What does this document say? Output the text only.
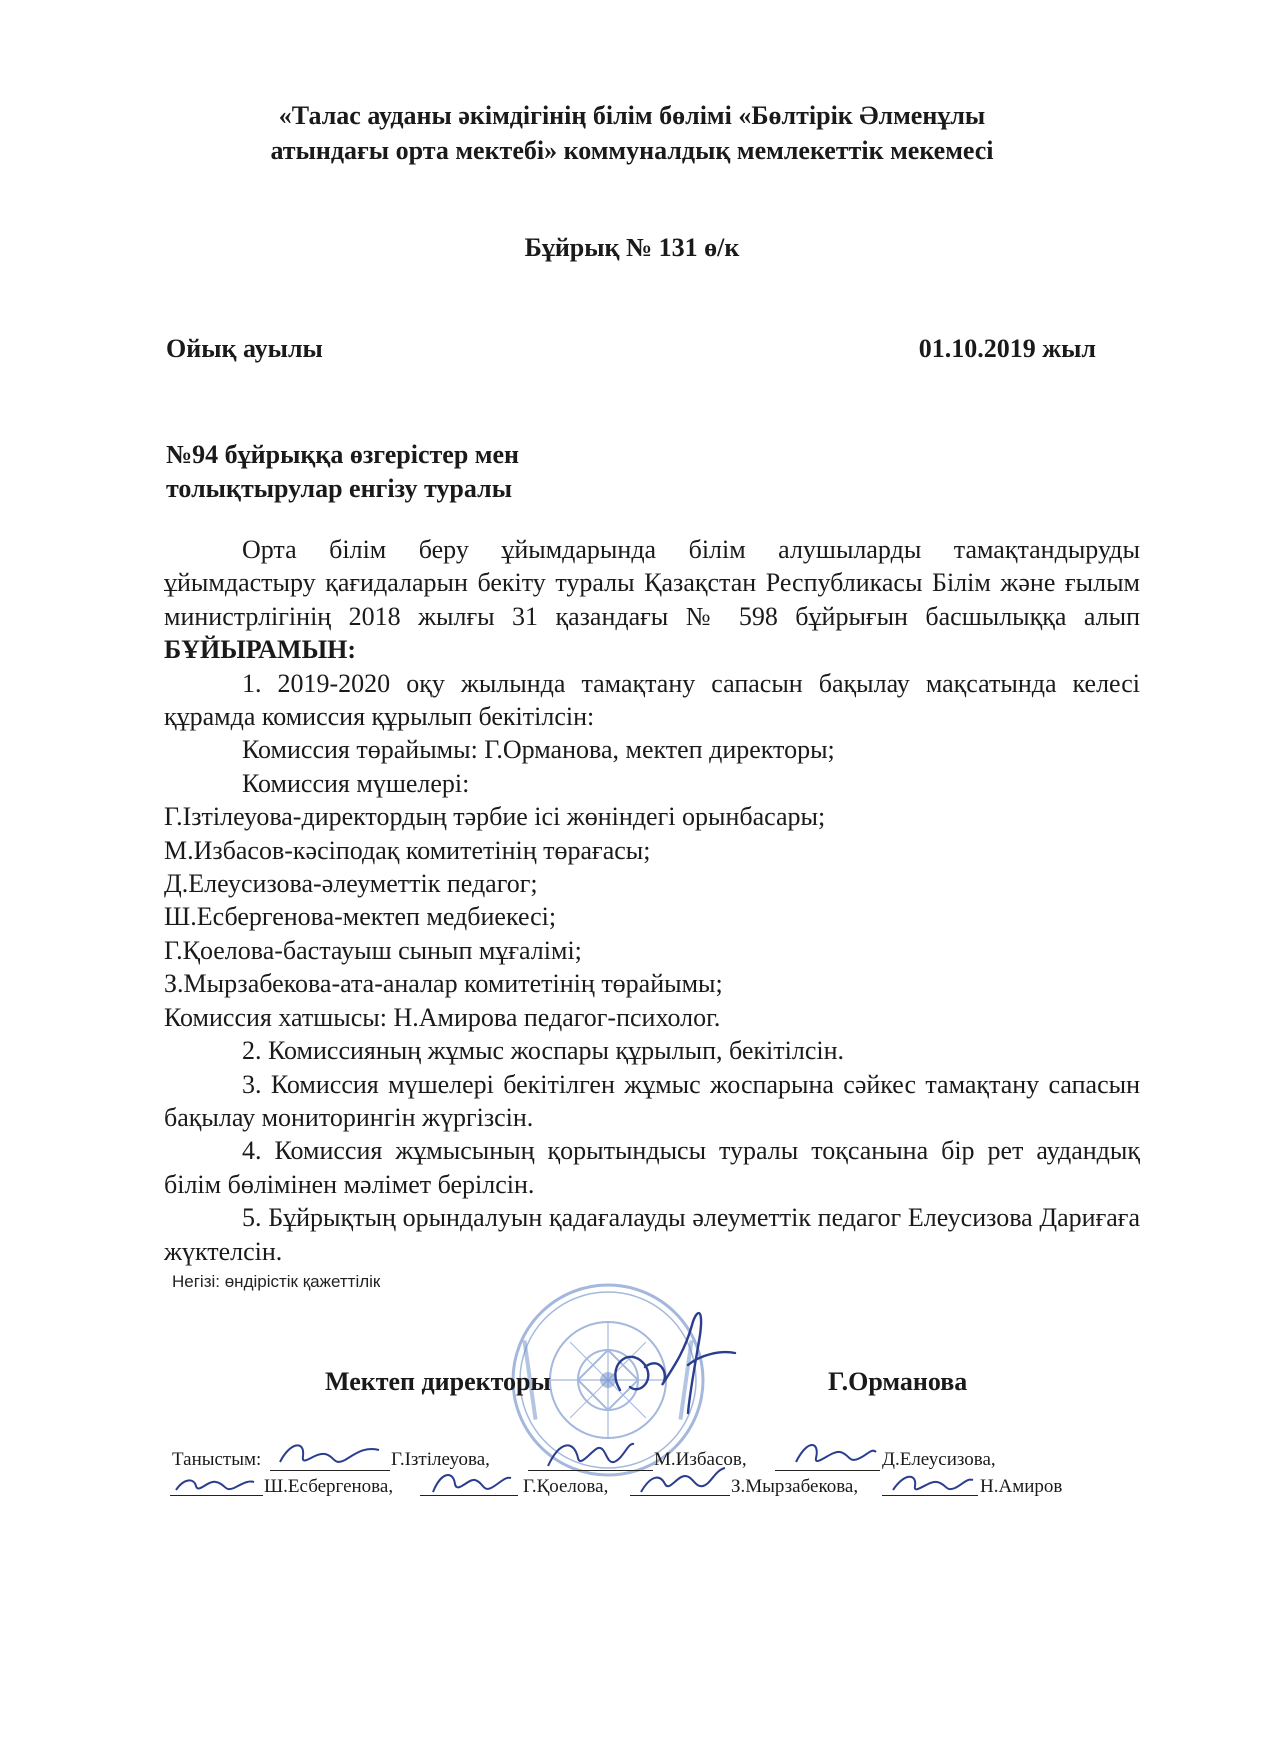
«Талас ауданы әкімдігінің білім бөлімі «Бөлтірік Әлменұлы
атындағы орта мектебі» коммуналдық мемлекеттік мекемесі
Бұйрық № 131 ө/к
Ойық ауылы	01.10.2019 жыл
№94 бұйрыққа өзгерістер мен
толықтырулар енгізу туралы

Орта білім беру ұйымдарында білім алушыларды тамақтандыруды ұйымдастыру қағидаларын бекіту туралы Қазақстан Республикасы Білім және ғылым министрлігінің 2018 жылғы 31 қазандағы № 598 бұйрығын басшылыққа алып БҰЙЫРАМЫН:

1. 2019-2020 оқу жылында тамақтану сапасын бақылау мақсатында келесі құрамда комиссия құрылып бекітілсін:

Комиссия төрайымы: Г.Орманова, мектеп директоры;

Комиссия мүшелері:

Г.Ізтілеуова-директордың тәрбие ісі жөніндегі орынбасары;

М.Избасов-кәсіподақ комитетінің төрағасы;

Д.Елеусизова-әлеуметтік педагог;

Ш.Есбергенова-мектеп медбиекесі;

Г.Қоелова-бастауыш сынып мұғалімі;

З.Мырзабекова-ата-аналар комитетінің төрайымы;

Комиссия хатшысы: Н.Амирова педагог-психолог.

2. Комиссияның жұмыс жоспары құрылып, бекітілсін.

3. Комиссия мүшелері бекітілген жұмыс жоспарына сәйкес тамақтану сапасын бақылау мониторингін жүргізсін.

4. Комиссия жұмысының қорытындысы туралы тоқсанына бір рет аудандық білім бөлімінен мәлімет берілсін.

5. Бұйрықтың орындалуын қадағалауды әлеуметтік педагог Елеусизова Дариғаға жүктелсін.

Негізі: өндірістік қажеттілік
Мектеп директоры	Г.Орманова
Таныстым:	Г.Ізтілеуова,	М.Избасов,	Д.Елеусизова,
Ш.Есбергенова,	Г.Қоелова,	З.Мырзабекова,	Н.Амиров
